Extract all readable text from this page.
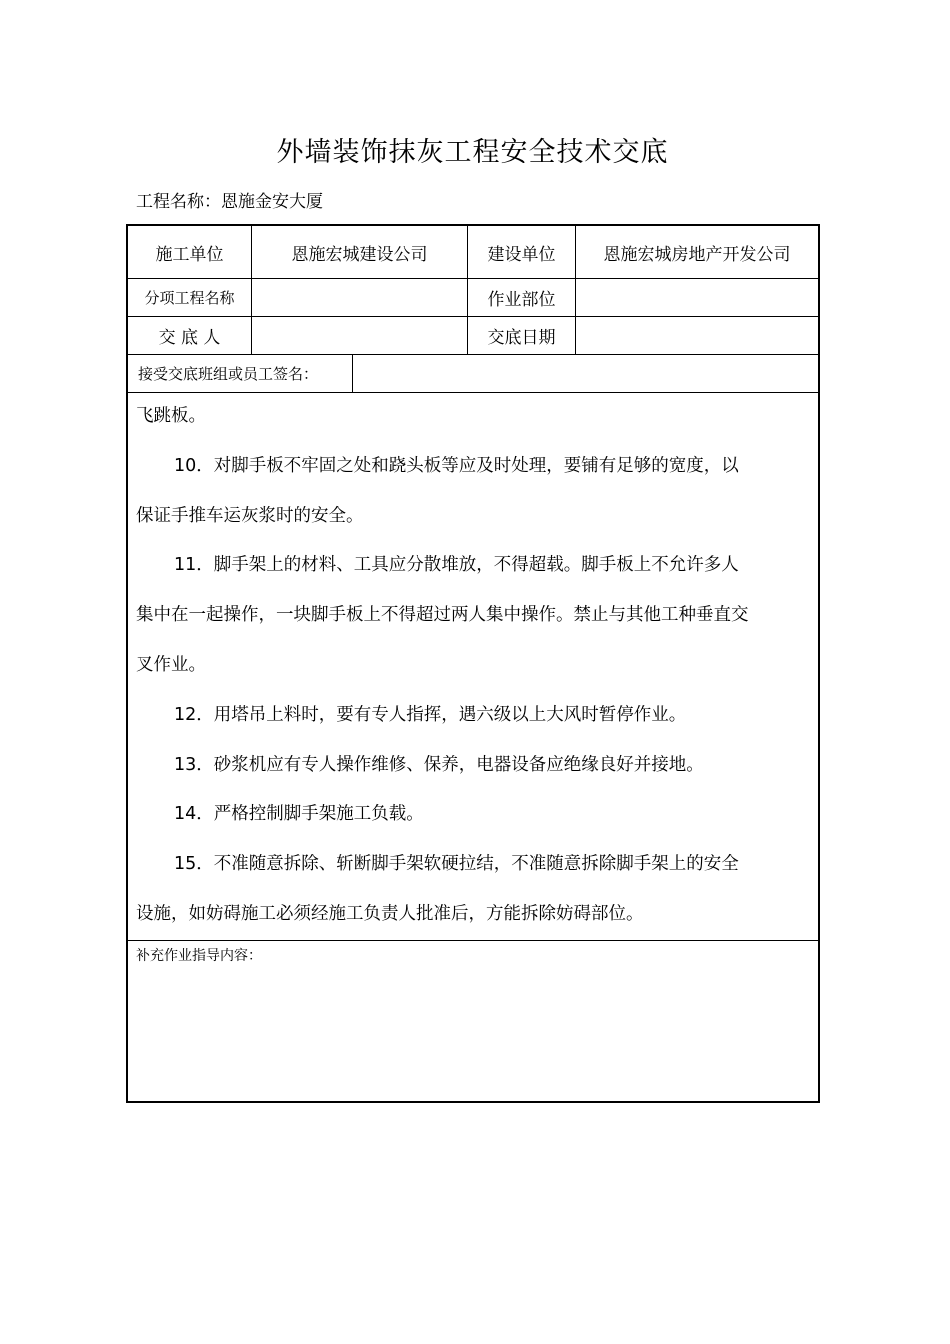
外墙装饰抹灰工程安全技术交底
工程名称：恩施金安大厦
施工单位	恩施宏城建设公司	建设单位	恩施宏城房地产开发公司
分项工程名称	作业部位
交 底 人	交底日期
接受交底班组或员工签名：

飞跳板。

10．对脚手板不牢固之处和跷头板等应及时处理，要铺有足够的宽度，以

保证手推车运灰浆时的安全。

11．脚手架上的材料、工具应分散堆放，不得超载。脚手板上不允许多人

集中在一起操作，一块脚手板上不得超过两人集中操作。禁止与其他工种垂直交

叉作业。

12．用塔吊上料时，要有专人指挥，遇六级以上大风时暂停作业。

13．砂浆机应有专人操作维修、保养，电器设备应绝缘良好并接地。

14．严格控制脚手架施工负载。

15．不准随意拆除、斩断脚手架软硬拉结，不准随意拆除脚手架上的安全

设施，如妨碍施工必须经施工负责人批准后，方能拆除妨碍部位。

补充作业指导内容：
